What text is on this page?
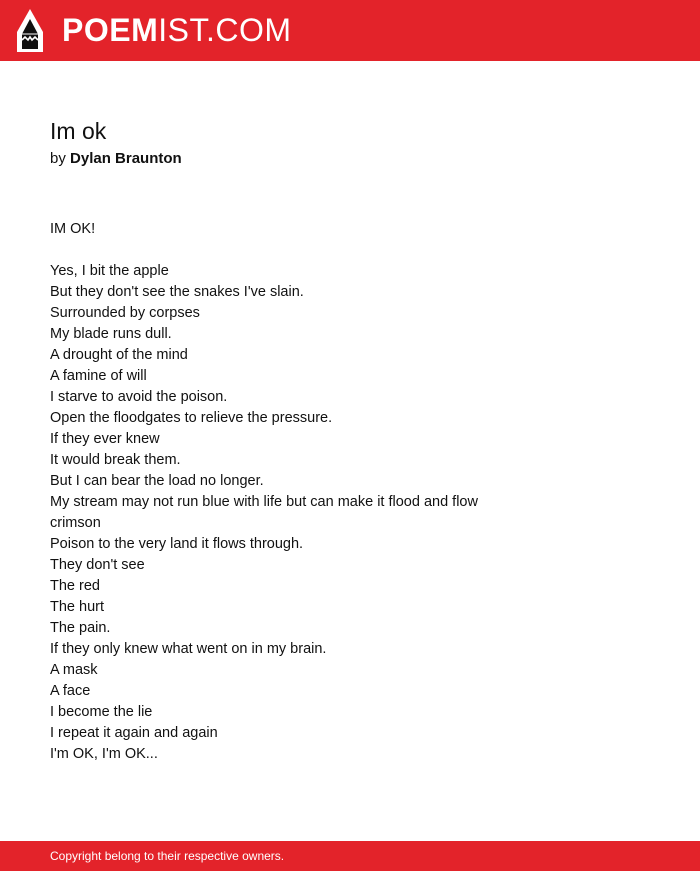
POEMIST.COM
Im ok
by Dylan Braunton
IM OK!
Yes, I bit the apple
But they don't see the snakes I've slain.
Surrounded by corpses
My blade runs dull.
A drought of the mind
A famine of will
I starve to avoid the poison.
Open the floodgates to relieve the pressure.
If they ever knew
It would break them.
But I can bear the load no longer.
My stream may not run blue with life but can make it flood and flow
crimson
Poison to the very land it flows through.
They don't see
The red
The hurt
The pain.
If they only knew what went on in my brain.
A mask
A face
I become the lie
I repeat it again and again
I'm OK, I'm OK...
Copyright belong to their respective owners.
